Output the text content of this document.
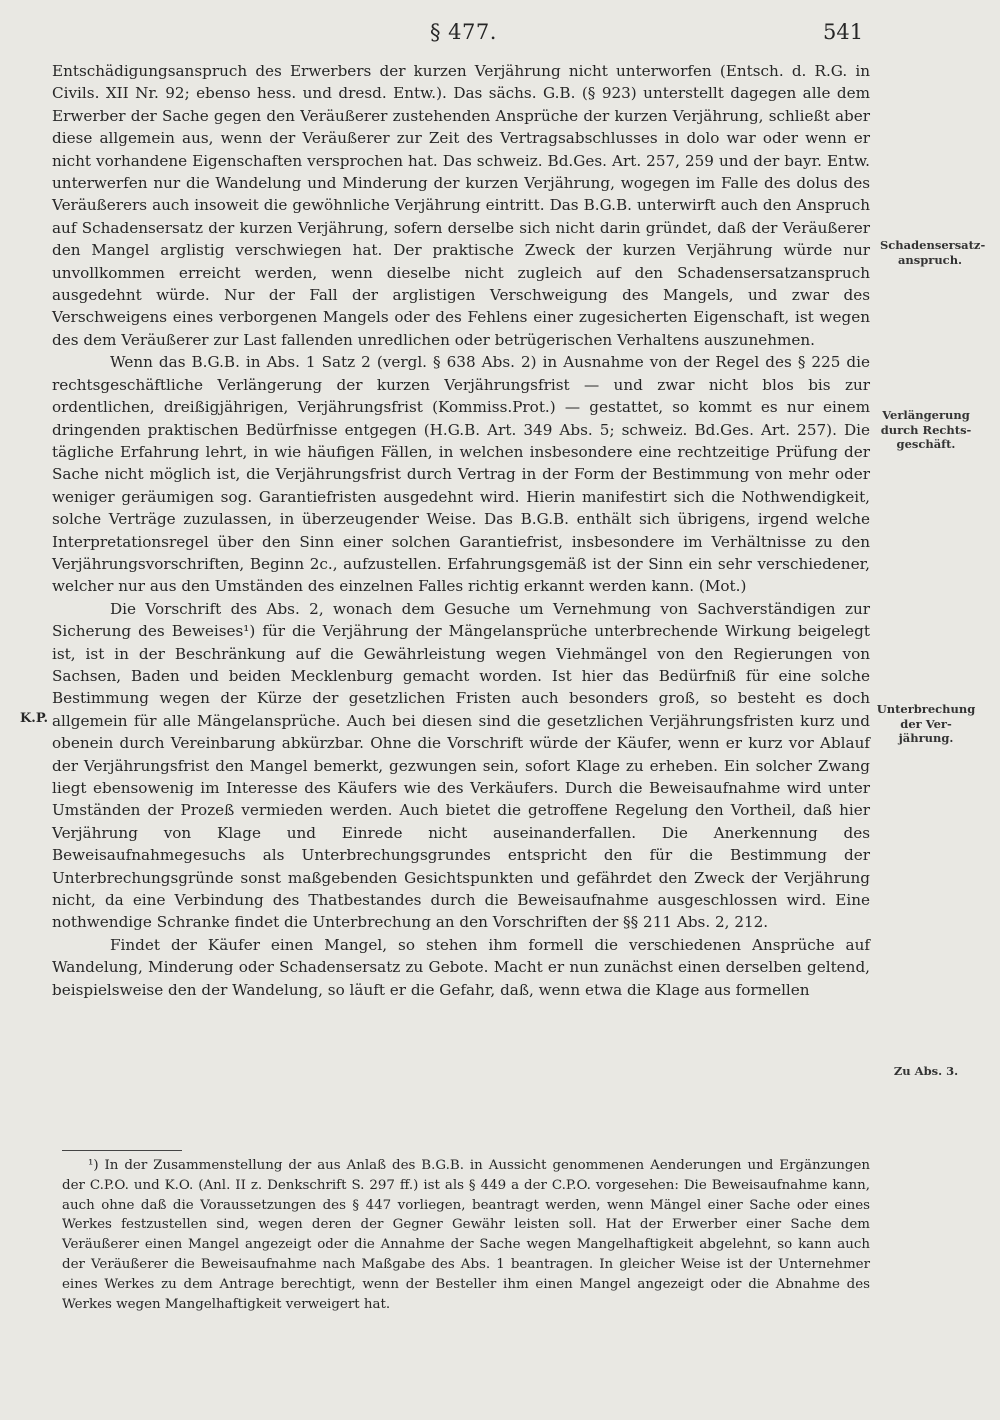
§ 477.	541

Entschädigungsanspruch des Erwerbers der kurzen Verjährung nicht unterworfen (Entsch. d. R.G. in Civils. XII Nr. 92; ebenso hess. und dresd. Entw.). Das sächs. G.B. (§ 923) unterstellt dagegen alle dem Erwerber der Sache gegen den Veräußerer zustehenden Ansprüche der kurzen Verjährung, schließt aber diese allgemein aus, wenn der Veräußerer zur Zeit des Vertragsabschlusses in dolo war oder wenn er nicht vorhandene Eigenschaften versprochen hat. Das schweiz. Bd.Ges. Art. 257, 259 und der bayr. Entw. unterwerfen nur die Wandelung und Minderung der kurzen Verjährung, wogegen im Falle des dolus des Veräußerers auch insoweit die gewöhnliche Verjährung eintritt. Das B.G.B. unterwirft auch den Anspruch auf Schadensersatz der kurzen Verjährung, sofern derselbe sich nicht darin gründet, daß der Veräußerer den Mangel arglistig verschwiegen hat. Der praktische Zweck der kurzen Verjährung würde nur unvollkommen erreicht werden, wenn dieselbe nicht zugleich auf den Schadensersatzanspruch ausgedehnt würde. Nur der Fall der arglistigen Verschweigung des Mangels, und zwar des Verschweigens eines verborgenen Mangels oder des Fehlens einer zugesicherten Eigenschaft, ist wegen des dem Veräußerer zur Last fallenden unredlichen oder betrügerischen Verhaltens auszunehmen.

Wenn das B.G.B. in Abs. 1 Satz 2 (vergl. § 638 Abs. 2) in Ausnahme von der Regel des § 225 die rechtsgeschäftliche Verlängerung der kurzen Verjährungsfrist — und zwar nicht blos bis zur ordentlichen, dreißigjährigen, Verjährungsfrist (Kommiss.Prot.) — gestattet, so kommt es nur einem dringenden praktischen Bedürfnisse entgegen (H.G.B. Art. 349 Abs. 5; schweiz. Bd.Ges. Art. 257). Die tägliche Erfahrung lehrt, in wie häufigen Fällen, in welchen insbesondere eine rechtzeitige Prüfung der Sache nicht möglich ist, die Verjährungsfrist durch Vertrag in der Form der Bestimmung von mehr oder weniger geräumigen sog. Garantiefristen ausgedehnt wird. Hierin manifestirt sich die Nothwendigkeit, solche Verträge zuzulassen, in überzeugender Weise. Das B.G.B. enthält sich übrigens, irgend welche Interpretationsregel über den Sinn einer solchen Garantiefrist, insbesondere im Verhältnisse zu den Verjährungsvorschriften, Beginn 2c., aufzustellen. Erfahrungsgemäß ist der Sinn ein sehr verschiedener, welcher nur aus den Umständen des einzelnen Falles richtig erkannt werden kann. (Mot.)

Die Vorschrift des Abs. 2, wonach dem Gesuche um Vernehmung von Sachverständigen zur Sicherung des Beweises¹) für die Verjährung der Mängelansprüche unterbrechende Wirkung beigelegt ist, ist in der Beschränkung auf die Gewährleistung wegen Viehmängel von den Regierungen von Sachsen, Baden und beiden Mecklenburg gemacht worden. Ist hier das Bedürfniß für eine solche Bestimmung wegen der Kürze der gesetzlichen Fristen auch besonders groß, so besteht es doch allgemein für alle Mängelansprüche. Auch bei diesen sind die gesetzlichen Verjährungsfristen kurz und obenein durch Vereinbarung abkürzbar. Ohne die Vorschrift würde der Käufer, wenn er kurz vor Ablauf der Verjährungsfrist den Mangel bemerkt, gezwungen sein, sofort Klage zu erheben. Ein solcher Zwang liegt ebensowenig im Interesse des Käufers wie des Verkäufers. Durch die Beweisaufnahme wird unter Umständen der Prozeß vermieden werden. Auch bietet die getroffene Regelung den Vortheil, daß hier Verjährung von Klage und Einrede nicht auseinanderfallen. Die Anerkennung des Beweisaufnahmegesuchs als Unterbrechungsgrundes entspricht den für die Bestimmung der Unterbrechungsgründe sonst maßgebenden Gesichtspunkten und gefährdet den Zweck der Verjährung nicht, da eine Verbindung des Thatbestandes durch die Beweisaufnahme ausgeschlossen wird. Eine nothwendige Schranke findet die Unterbrechung an den Vorschriften der §§ 211 Abs. 2, 212.

Findet der Käufer einen Mangel, so stehen ihm formell die verschiedenen Ansprüche auf Wandelung, Minderung oder Schadensersatz zu Gebote. Macht er nun zunächst einen derselben geltend, beispielsweise den der Wandelung, so läuft er die Gefahr, daß, wenn etwa die Klage aus formellen

Schadensersatz-anspruch.
Verlängerung durch Rechts-geschäft.
Unterbrechung der Ver-jährung.
Zu Abs. 3.
K.P.

¹) In der Zusammenstellung der aus Anlaß des B.G.B. in Aussicht genommenen Aenderungen und Ergänzungen der C.P.O. und K.O. (Anl. II z. Denkschrift S. 297 ff.) ist als § 449 a der C.P.O. vorgesehen: Die Beweisaufnahme kann, auch ohne daß die Voraussetzungen des § 447 vorliegen, beantragt werden, wenn Mängel einer Sache oder eines Werkes festzustellen sind, wegen deren der Gegner Gewähr leisten soll. Hat der Erwerber einer Sache dem Veräußerer einen Mangel angezeigt oder die Annahme der Sache wegen Mangelhaftigkeit abgelehnt, so kann auch der Veräußerer die Beweisaufnahme nach Maßgabe des Abs. 1 beantragen. In gleicher Weise ist der Unternehmer eines Werkes zu dem Antrage berechtigt, wenn der Besteller ihm einen Mangel angezeigt oder die Abnahme des Werkes wegen Mangelhaftigkeit verweigert hat.
